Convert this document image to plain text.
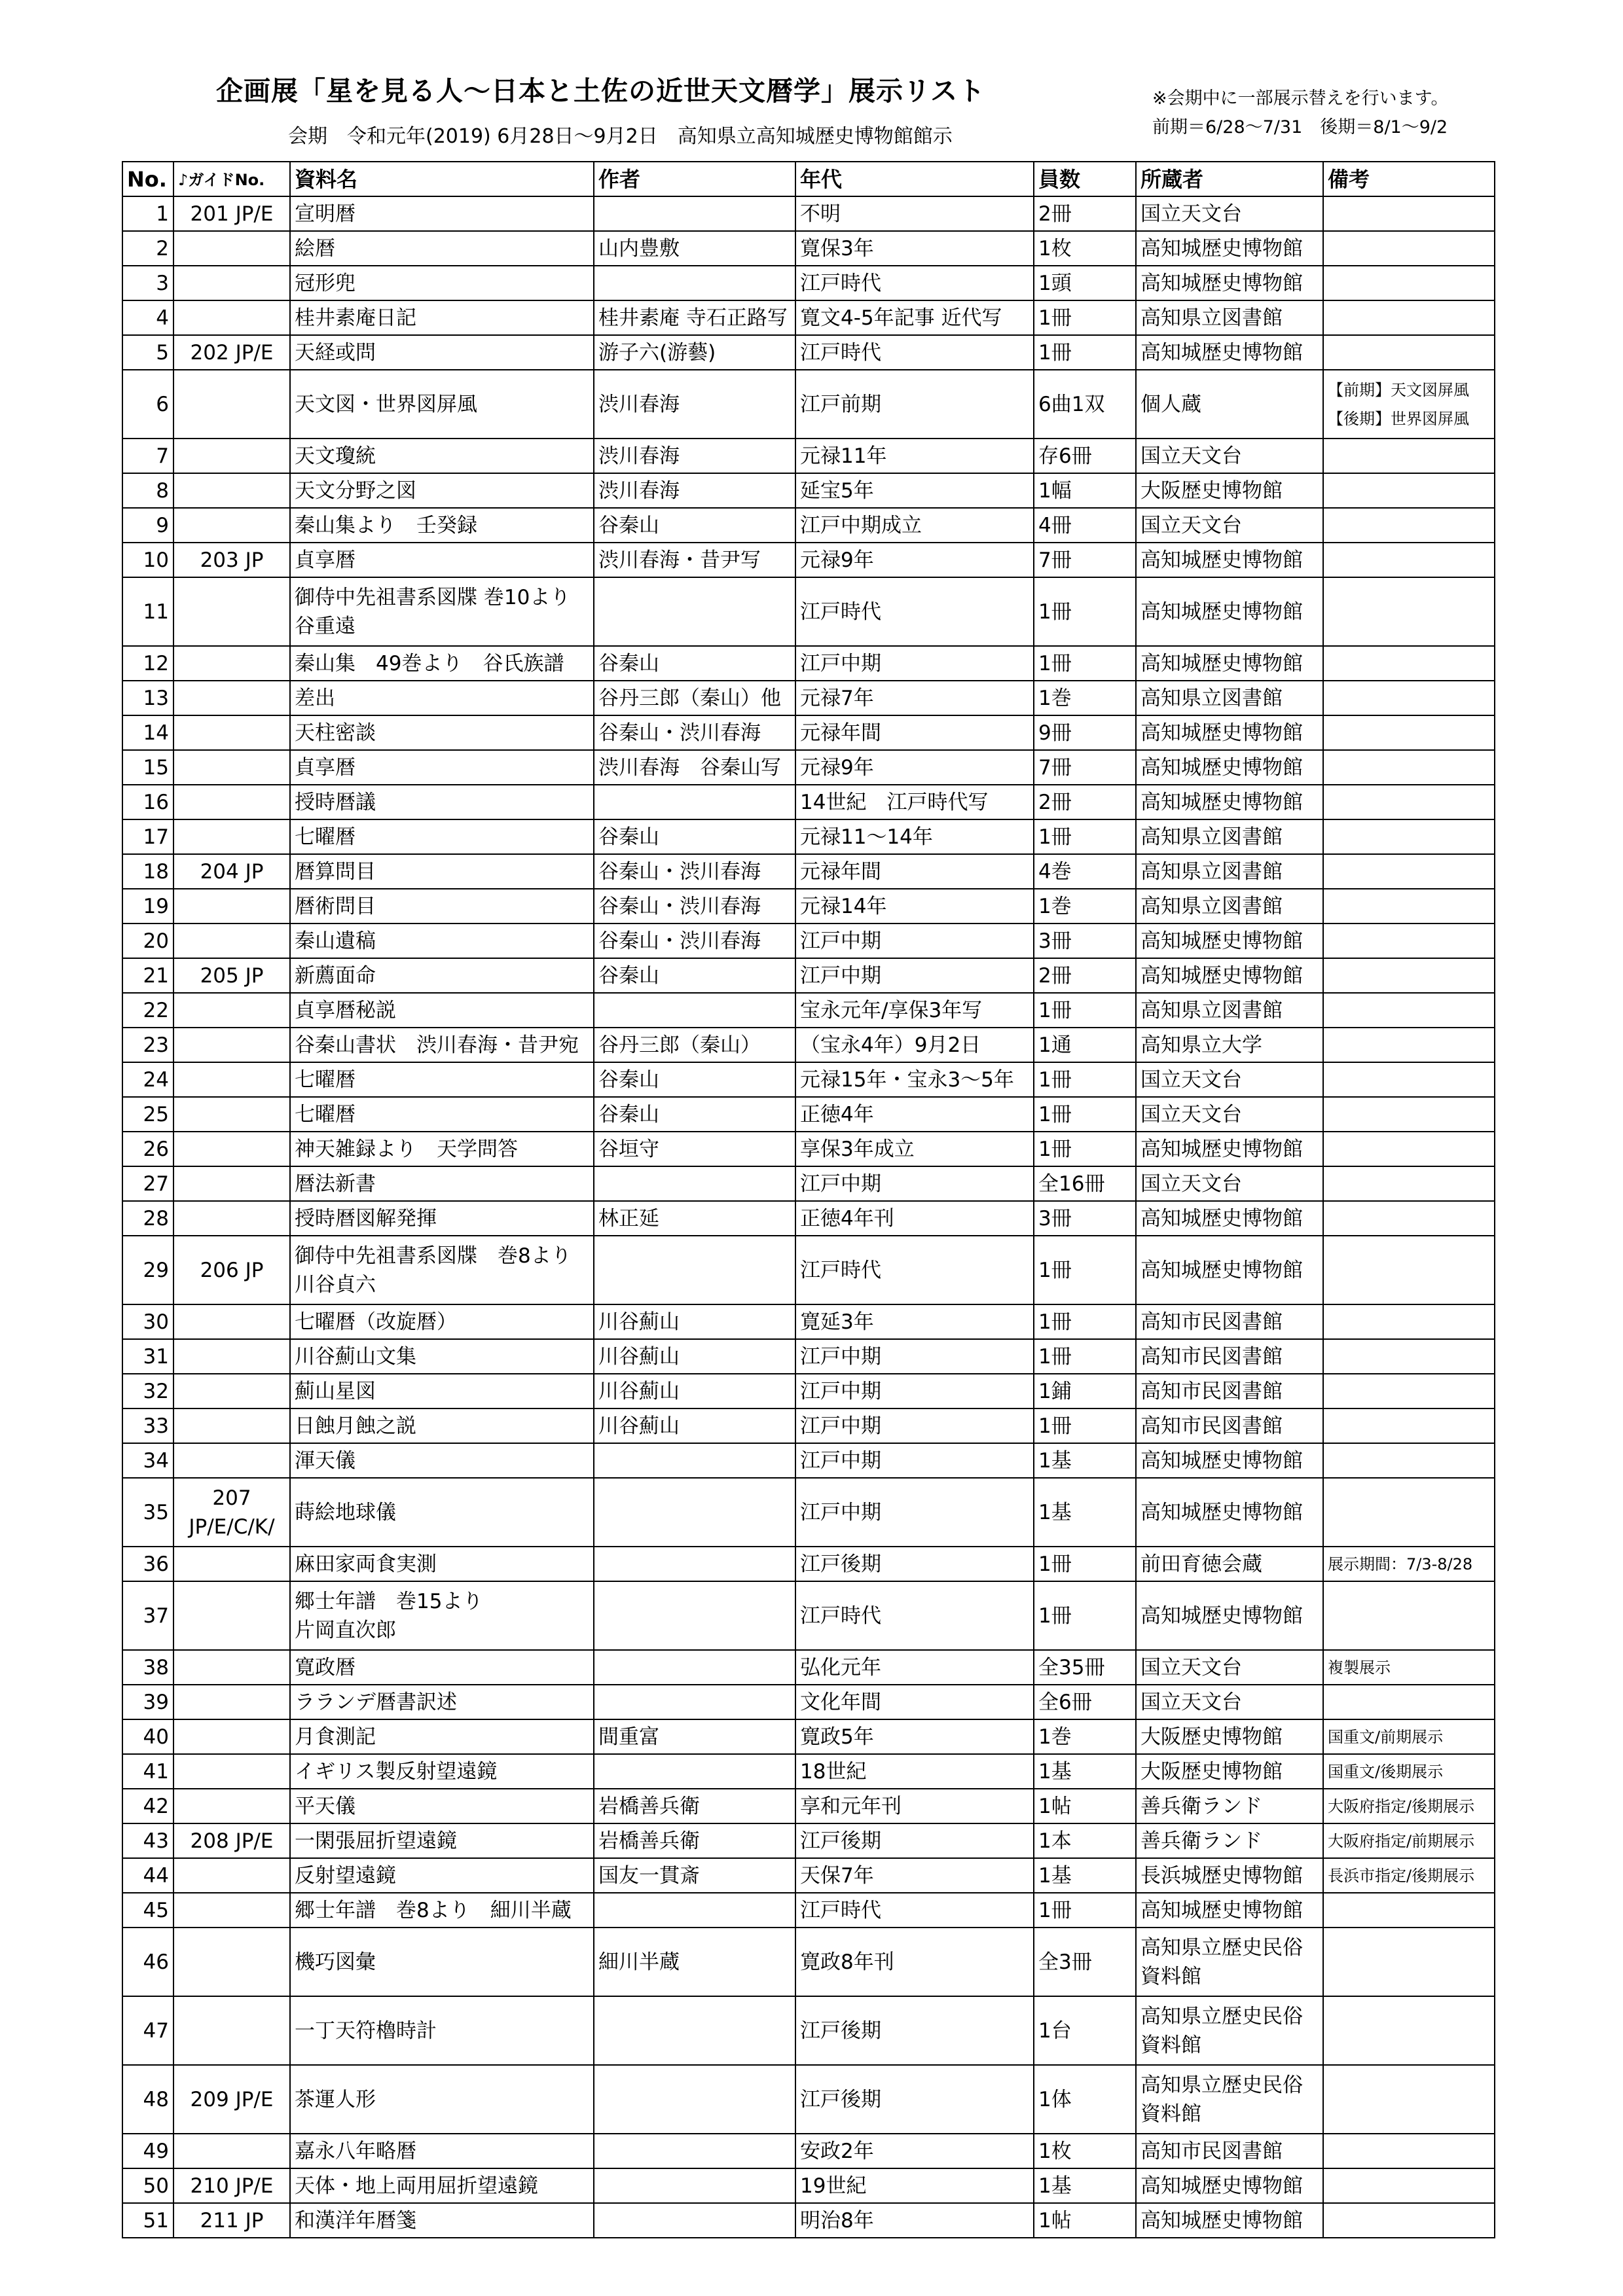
企画展「星を見る人～日本と土佐の近世天文暦学」展示リスト
会期　令和元年(2019) 6月28日～9月2日　高知県立高知城歴史博物館館示
※会期中に一部展示替えを行います。
前期＝6/28～7/31　後期＝8/1～9/2
No.	♪ガイドNo.	資料名	作者	年代	員数	所蔵者	備考
1	201 JP/E	宣明暦		不明	2冊	国立天文台	
2		絵暦	山内豊敷	寛保3年	1枚	高知城歴史博物館	
3		冠形兜		江戸時代	1頭	高知城歴史博物館	
4		桂井素庵日記	桂井素庵 寺石正路写	寛文4-5年記事 近代写	1冊	高知県立図書館	
5	202 JP/E	天経或問	游子六(游藝)	江戸時代	1冊	高知城歴史博物館	
6		天文図・世界図屏風	渋川春海	江戸前期	6曲1双	個人蔵	【前期】天文図屏風
【後期】世界図屏風
7		天文瓊統	渋川春海	元禄11年	存6冊	国立天文台	
8		天文分野之図	渋川春海	延宝5年	1幅	大阪歴史博物館	
9		秦山集より　壬癸録	谷秦山	江戸中期成立	4冊	国立天文台	
10	203 JP	貞享暦	渋川春海・昔尹写	元禄9年	7冊	高知城歴史博物館	
11		御侍中先祖書系図牒 巻10より
谷重遠		江戸時代	1冊	高知城歴史博物館	
12		秦山集　49巻より　谷氏族譜	谷秦山	江戸中期	1冊	高知城歴史博物館	
13		差出	谷丹三郎（秦山）他	元禄7年	1巻	高知県立図書館	
14		天柱密談	谷秦山・渋川春海	元禄年間	9冊	高知城歴史博物館	
15		貞享暦	渋川春海　谷秦山写	元禄9年	7冊	高知城歴史博物館	
16		授時暦議		14世紀　江戸時代写	2冊	高知城歴史博物館	
17		七曜暦	谷秦山	元禄11～14年	1冊	高知県立図書館	
18	204 JP	暦算問目	谷秦山・渋川春海	元禄年間	4巻	高知県立図書館	
19		暦術問目	谷秦山・渋川春海	元禄14年	1巻	高知県立図書館	
20		秦山遺稿	谷秦山・渋川春海	江戸中期	3冊	高知城歴史博物館	
21	205 JP	新薦面命	谷秦山	江戸中期	2冊	高知城歴史博物館	
22		貞享暦秘説		宝永元年/享保3年写	1冊	高知県立図書館	
23		谷秦山書状　渋川春海・昔尹宛	谷丹三郎（秦山）	（宝永4年）9月2日	1通	高知県立大学	
24		七曜暦	谷秦山	元禄15年・宝永3～5年	1冊	国立天文台	
25		七曜暦	谷秦山	正徳4年	1冊	国立天文台	
26		神天雑録より　天学問答	谷垣守	享保3年成立	1冊	高知城歴史博物館	
27		暦法新書		江戸中期	全16冊	国立天文台	
28		授時暦図解発揮	林正延	正徳4年刊	3冊	高知城歴史博物館	
29	206 JP	御侍中先祖書系図牒　巻8より
川谷貞六		江戸時代	1冊	高知城歴史博物館	
30		七曜暦（改旋暦）	川谷薊山	寛延3年	1冊	高知市民図書館	
31		川谷薊山文集	川谷薊山	江戸中期	1冊	高知市民図書館	
32		薊山星図	川谷薊山	江戸中期	1鋪	高知市民図書館	
33		日蝕月蝕之説	川谷薊山	江戸中期	1冊	高知市民図書館	
34		渾天儀		江戸中期	1基	高知城歴史博物館	
35	207
JP/E/C/K/	蒔絵地球儀		江戸中期	1基	高知城歴史博物館	
36		麻田家両食実測		江戸後期	1冊	前田育徳会蔵	展示期間：7/3-8/28
37		郷士年譜　巻15より
片岡直次郎		江戸時代	1冊	高知城歴史博物館	
38		寛政暦		弘化元年	全35冊	国立天文台	複製展示
39		ラランデ暦書訳述		文化年間	全6冊	国立天文台	
40		月食測記	間重富	寛政5年	1巻	大阪歴史博物館	国重文/前期展示
41		イギリス製反射望遠鏡		18世紀	1基	大阪歴史博物館	国重文/後期展示
42		平天儀	岩橋善兵衛	享和元年刊	1帖	善兵衛ランド	大阪府指定/後期展示
43	208 JP/E	一閑張屈折望遠鏡	岩橋善兵衛	江戸後期	1本	善兵衛ランド	大阪府指定/前期展示
44		反射望遠鏡	国友一貫斎	天保7年	1基	長浜城歴史博物館	長浜市指定/後期展示
45		郷士年譜　巻8より　細川半蔵		江戸時代	1冊	高知城歴史博物館	
46		機巧図彙	細川半蔵	寛政8年刊	全3冊	高知県立歴史民俗
資料館	
47		一丁天符櫓時計		江戸後期	1台	高知県立歴史民俗
資料館	
48	209 JP/E	茶運人形		江戸後期	1体	高知県立歴史民俗
資料館	
49		嘉永八年略暦		安政2年	1枚	高知市民図書館	
50	210 JP/E	天体・地上両用屈折望遠鏡		19世紀	1基	高知城歴史博物館	
51	211 JP	和漢洋年暦箋		明治8年	1帖	高知城歴史博物館	
